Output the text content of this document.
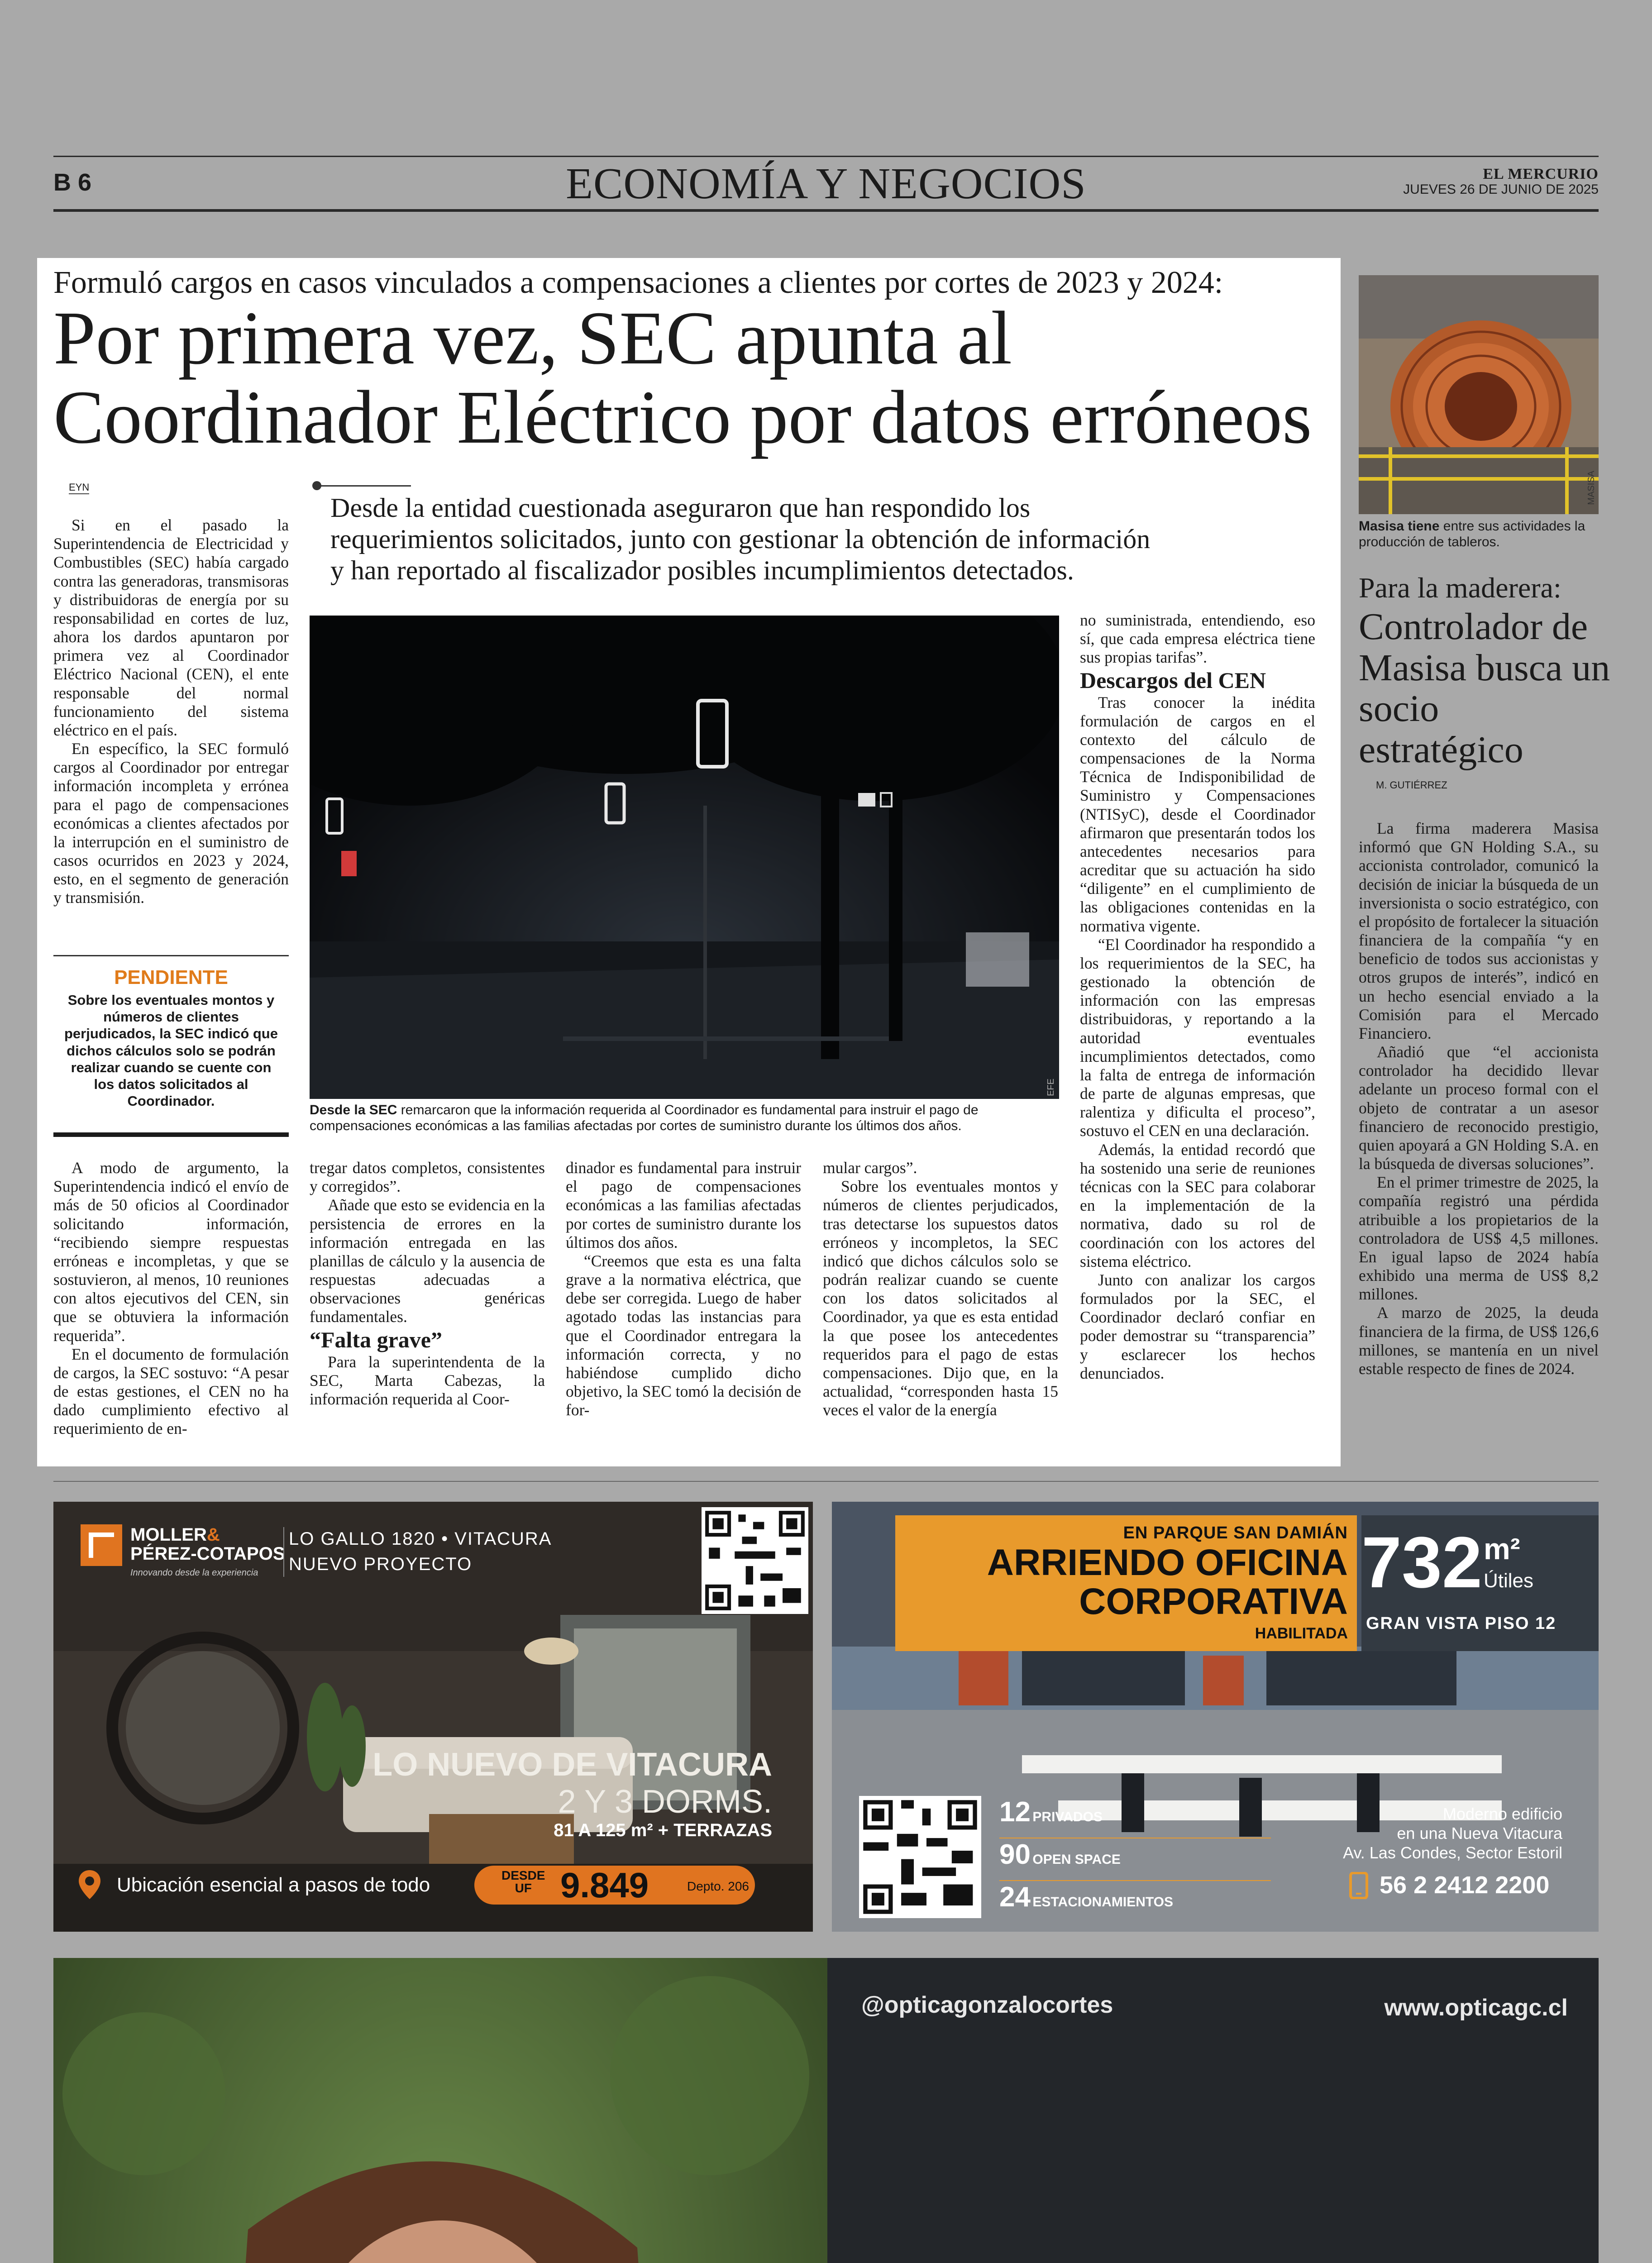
B 6	ECONOMÍA Y NEGOCIOS	EL MERCURIO
JUEVES 26 DE JUNIO DE 2025
Formuló cargos en casos vinculados a compensaciones a clientes por cortes de 2023 y 2024:
Por primera vez, SEC apunta al
Coordinador Eléctrico por datos erróneos
Desde la entidad cuestionada aseguraron que han respondido los
requerimientos solicitados, junto con gestionar la obtención de información
y han reportado al fiscalizador posibles incumplimientos detectados.
EYN

Si en el pasado la Superintendencia de Electricidad y Combustibles (SEC) había cargado contra las generadoras, transmisoras y distribuidoras de energía por su responsabilidad en cortes de luz, ahora los dardos apuntaron por primera vez al Coordinador Eléctrico Nacional (CEN), el ente responsable del normal funcionamiento del sistema eléctrico en el país.

En específico, la SEC formuló cargos al Coordinador por entregar información incompleta y errónea para el pago de compensaciones económicas a clientes afectados por la interrupción en el suministro de casos ocurridos en 2023 y 2024, esto, en el segmento de generación y transmisión.

PENDIENTE
Sobre los eventuales montos y números de clientes perjudicados, la SEC indicó que dichos cálculos solo se podrán realizar cuando se cuente con los datos solicitados al Coordinador.

A modo de argumento, la Superintendencia indicó el envío de más de 50 oficios al Coordinador solicitando información, “recibiendo siempre respuestas erróneas e incompletas, y que se sostuvieron, al menos, 10 reuniones con altos ejecutivos del CEN, sin que se obtuviera la información requerida”.

En el documento de formulación de cargos, la SEC sostuvo: “A pesar de estas gestiones, el CEN no ha dado cumplimiento efectivo al requerimiento de en-

EFE
Desde la SEC remarcaron que la información requerida al Coordinador es fundamental para instruir el pago de compensaciones económicas a las familias afectadas por cortes de suministro durante los últimos dos años.

tregar datos completos, consistentes y corregidos”.

Añade que esto se evidencia en la persistencia de errores en la información entregada en las planillas de cálculo y la ausencia de respuestas adecuadas a observaciones genéricas fundamentales.

“Falta grave”

Para la superintendenta de la SEC, Marta Cabezas, la información requerida al Coor-

dinador es fundamental para instruir el pago de compensaciones económicas a las familias afectadas por cortes de suministro durante los últimos dos años.

“Creemos que esta es una falta grave a la normativa eléctrica, que debe ser corregida. Luego de haber agotado todas las instancias para que el Coordinador entregara la información correcta, y no habiéndose cumplido dicho objetivo, la SEC tomó la decisión de for-

mular cargos”.

Sobre los eventuales montos y números de clientes perjudicados, tras detectarse los supuestos datos erróneos y incompletos, la SEC indicó que dichos cálculos solo se podrán realizar cuando se cuente con los datos solicitados al Coordinador, ya que es esta entidad la que posee los antecedentes requeridos para el pago de estas compensaciones. Dijo que, en la actualidad, “corresponden hasta 15 veces el valor de la energía

no suministrada, entendiendo, eso sí, que cada empresa eléctrica tiene sus propias tarifas”.

Descargos del CEN

Tras conocer la inédita formulación de cargos en el contexto del cálculo de compensaciones de la Norma Técnica de Indisponibilidad de Suministro y Compensaciones (NTISyC), desde el Coordinador afirmaron que presentarán todos los antecedentes necesarios para acreditar que su actuación ha sido “diligente” en el cumplimiento de las obligaciones contenidas en la normativa vigente.

“El Coordinador ha respondido a los requerimientos de la SEC, ha gestionado la obtención de información con las empresas distribuidoras, y reportando a la autoridad eventuales incumplimientos detectados, como la falta de entrega de información de parte de algunas empresas, que ralentiza y dificulta el proceso”, sostuvo el CEN en una declaración.

Además, la entidad recordó que ha sostenido una serie de reuniones técnicas con la SEC para colaborar en la implementación de la normativa, dado su rol de coordinación con los actores del sistema eléctrico.

Junto con analizar los cargos formulados por la SEC, el Coordinador declaró confiar en poder demostrar su “transparencia” y esclarecer los hechos denunciados.

MASISA
Masisa tiene entre sus actividades la producción de tableros.
Para la maderera:
Controlador de Masisa busca un socio estratégico
M. GUTIÉRREZ

La firma maderera Masisa informó que GN Holding S.A., su accionista controlador, comunicó la decisión de iniciar la búsqueda de un inversionista o socio estratégico, con el propósito de fortalecer la situación financiera de la compañía “y en beneficio de todos sus accionistas y otros grupos de interés”, indicó en un hecho esencial enviado a la Comisión para el Mercado Financiero.

Añadió que “el accionista controlador ha decidido llevar adelante un proceso formal con el objeto de contratar a un asesor financiero de reconocido prestigio, quien apoyará a GN Holding S.A. en la búsqueda de diversas soluciones”.

En el primer trimestre de 2025, la compañía registró una pérdida atribuible a los propietarios de la controladora de US$ 4,5 millones. En igual lapso de 2024 había exhibido una merma de US$ 8,2 millones.

A marzo de 2025, la deuda financiera de la firma, de US$ 126,6 millones, se mantenía en un nivel estable respecto de fines de 2024.

MOLLER&
PÉREZ-COTAPOS
Innovando desde la experiencia
LO GALLO 1820 • VITACURA
NUEVO PROYECTO
LO NUEVO DE VITACURA
2 Y 3 DORMS.
81 A 125 m² + TERRAZAS
Ubicación esencial a pasos de todo	DESDE
UF 9.849	Depto. 206
EN PARQUE SAN DAMIÁN
ARRIENDO OFICINA
CORPORATIVA
HABILITADA
732 m²
Útiles
GRAN VISTA PISO 12
12 PRIVADOS
90 OPEN SPACE
24 ESTACIONAMIENTOS
Moderno edificio
en una Nueva Vitacura
Av. Las Condes, Sector Estoril
56 2 2412 2200
@opticagonzalocortes	www.opticagc.cl
